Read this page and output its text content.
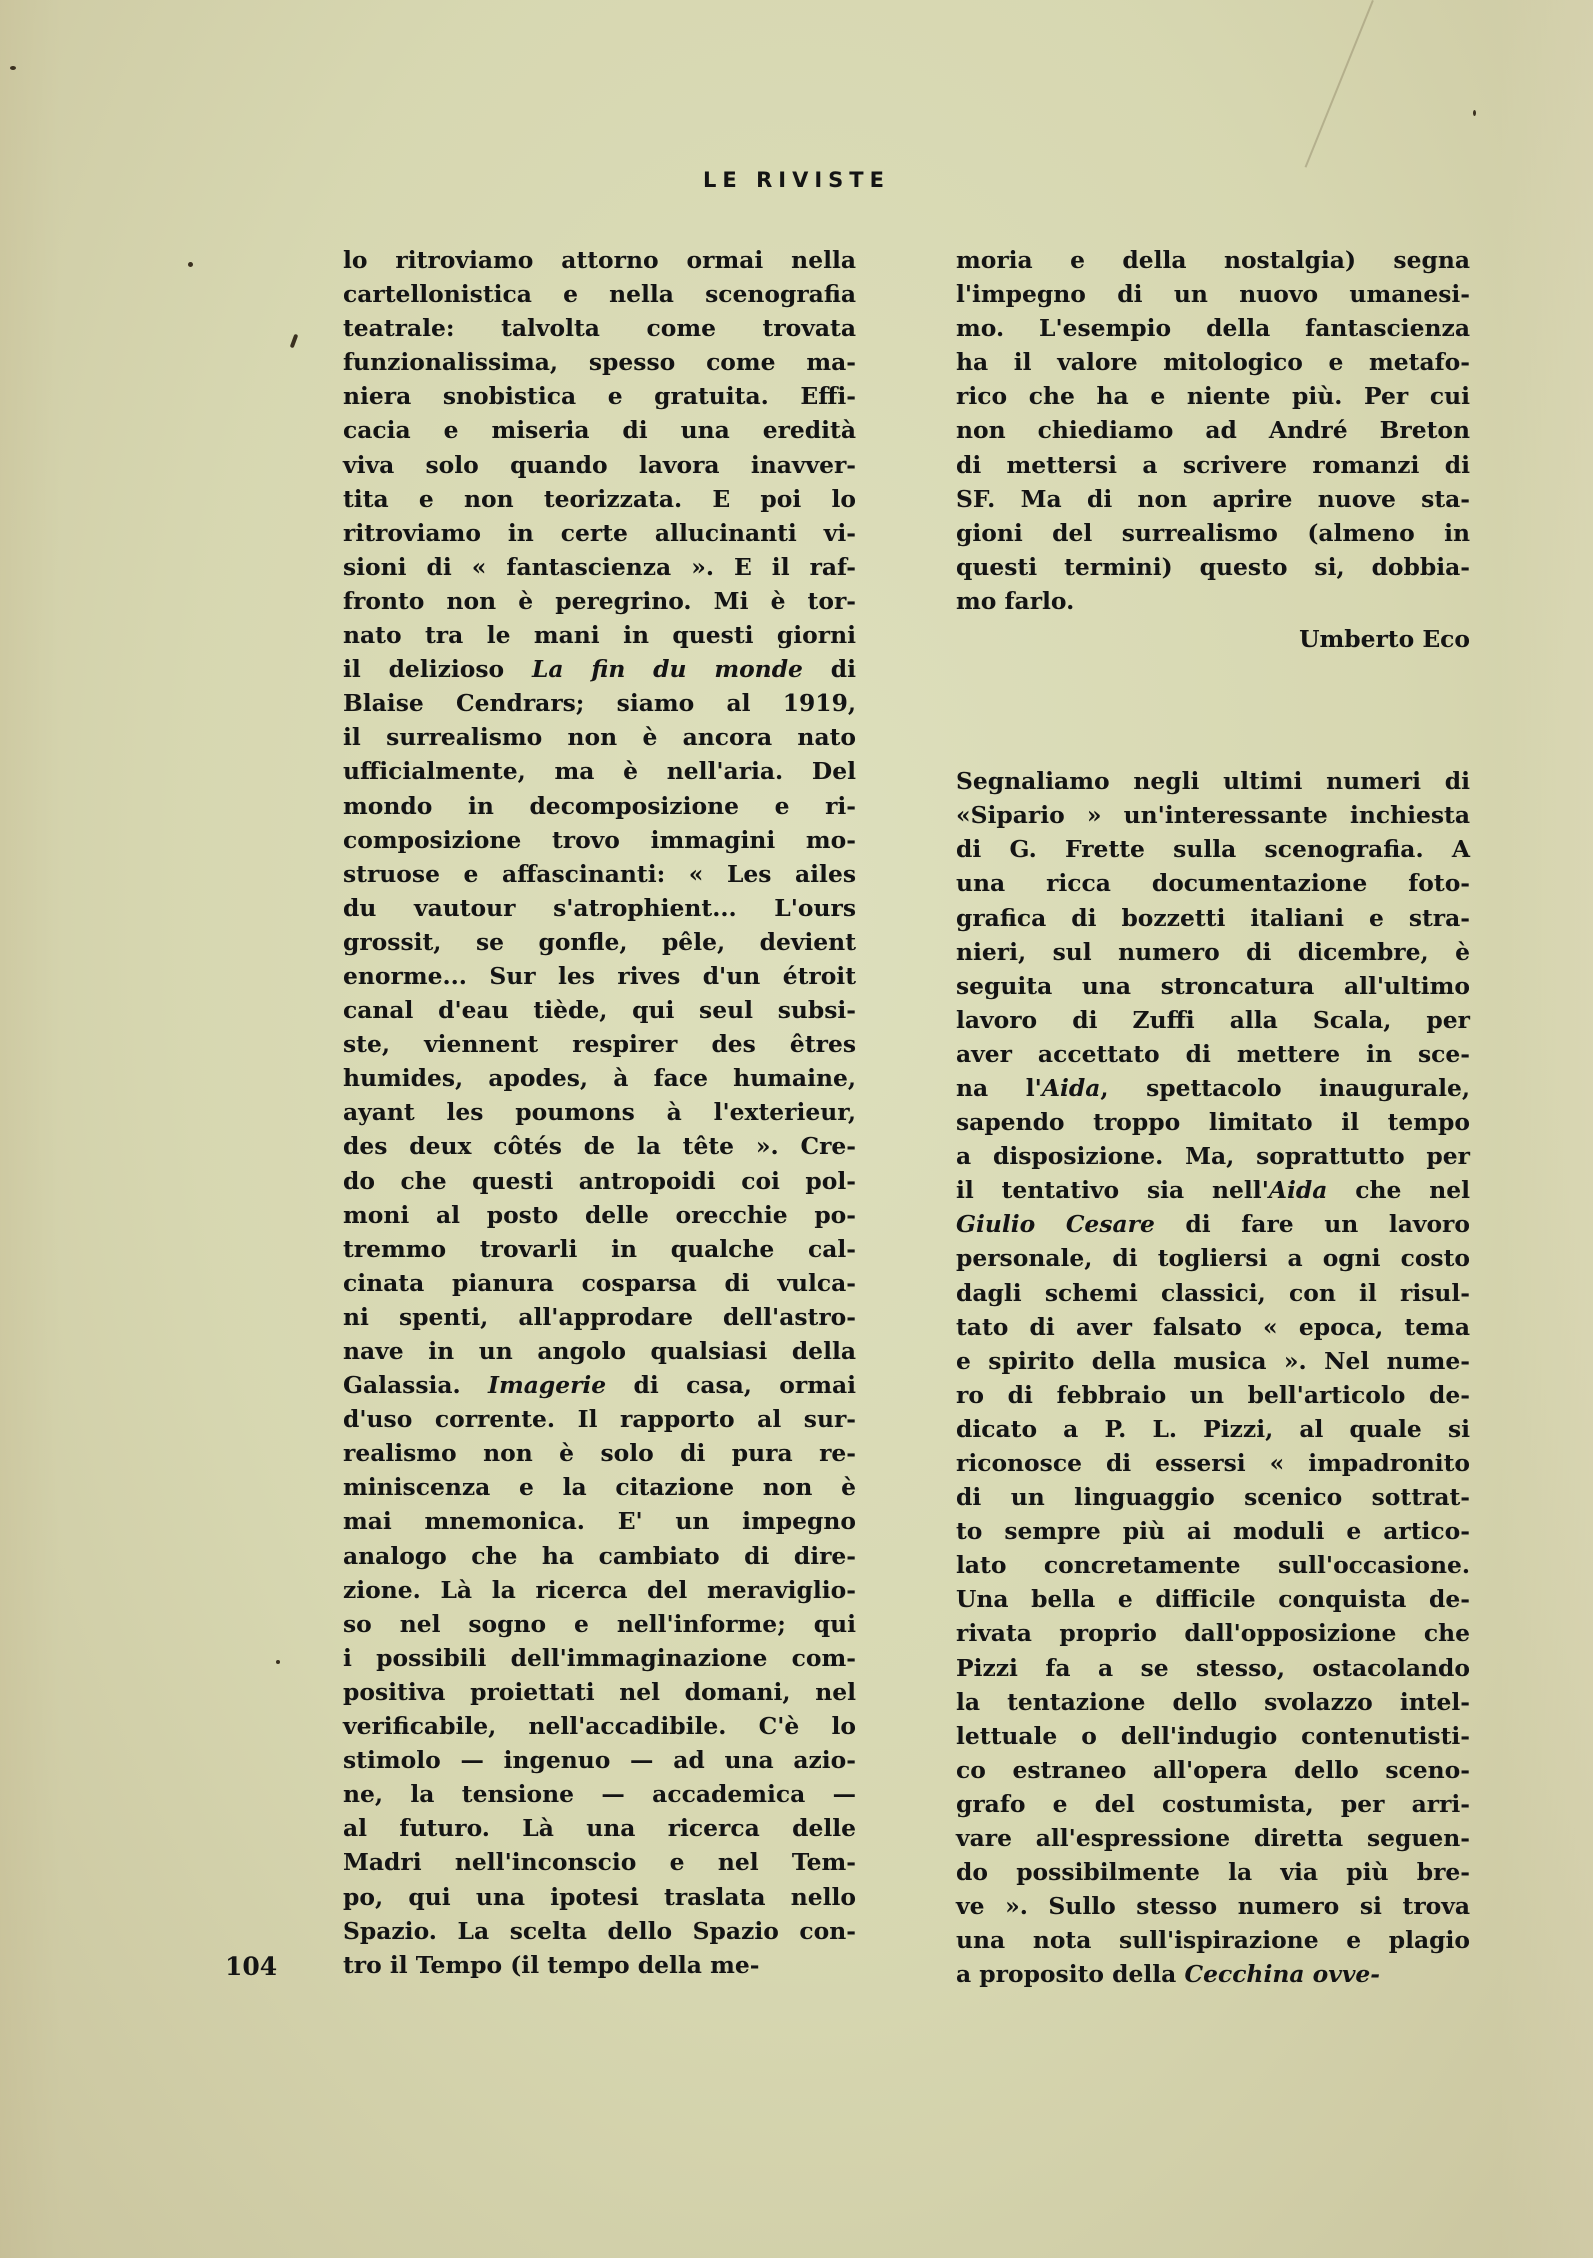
LE RIVISTE
lo ritroviamo attorno ormai nella
cartellonistica e nella scenografia
teatrale: talvolta come trovata
funzionalissima, spesso come ma-
niera snobistica e gratuita. Effi-
cacia e miseria di una eredità
viva solo quando lavora inavver-
tita e non teorizzata. E poi lo
ritroviamo in certe allucinanti vi-
sioni di « fantascienza ». E il raf-
fronto non è peregrino. Mi è tor-
nato tra le mani in questi giorni
il delizioso La fin du monde di
Blaise Cendrars; siamo al 1919,
il surrealismo non è ancora nato
ufficialmente, ma è nell'aria. Del
mondo in decomposizione e ri-
composizione trovo immagini mo-
struose e affascinanti: « Les ailes
du vautour s'atrophient... L'ours
grossit, se gonfle, pêle, devient
enorme... Sur les rives d'un étroit
canal d'eau tiède, qui seul subsi-
ste, viennent respirer des êtres
humides, apodes, à face humaine,
ayant les poumons à l'exterieur,
des deux côtés de la tête ». Cre-
do che questi antropoidi coi pol-
moni al posto delle orecchie po-
tremmo trovarli in qualche cal-
cinata pianura cosparsa di vulca-
ni spenti, all'approdare dell'astro-
nave in un angolo qualsiasi della
Galassia. Imagerie di casa, ormai
d'uso corrente. Il rapporto al sur-
realismo non è solo di pura re-
miniscenza e la citazione non è
mai mnemonica. E' un impegno
analogo che ha cambiato di dire-
zione. Là la ricerca del meraviglio-
so nel sogno e nell'informe; qui
i possibili dell'immaginazione com-
positiva proiettati nel domani, nel
verificabile, nell'accadibile. C'è lo
stimolo — ingenuo — ad una azio-
ne, la tensione — accademica —
al futuro. Là una ricerca delle
Madri nell'inconscio e nel Tem-
po, qui una ipotesi traslata nello
Spazio. La scelta dello Spazio con-
tro il Tempo (il tempo della me-
moria e della nostalgia) segna
l'impegno di un nuovo umanesi-
mo. L'esempio della fantascienza
ha il valore mitologico e metafo-
rico che ha e niente più. Per cui
non chiediamo ad André Breton
di mettersi a scrivere romanzi di
SF. Ma di non aprire nuove sta-
gioni del surrealismo (almeno in
questi termini) questo si, dobbia-
mo farlo.
Umberto Eco
Segnaliamo negli ultimi numeri di
«Sipario » un'interessante inchiesta
di G. Frette sulla scenografia. A
una ricca documentazione foto-
grafica di bozzetti italiani e stra-
nieri, sul numero di dicembre, è
seguita una stroncatura all'ultimo
lavoro di Zuffi alla Scala, per
aver accettato di mettere in sce-
na l'Aida, spettacolo inaugurale,
sapendo troppo limitato il tempo
a disposizione. Ma, soprattutto per
il tentativo sia nell'Aida che nel
Giulio Cesare di fare un lavoro
personale, di togliersi a ogni costo
dagli schemi classici, con il risul-
tato di aver falsato « epoca, tema
e spirito della musica ». Nel nume-
ro di febbraio un bell'articolo de-
dicato a P. L. Pizzi, al quale si
riconosce di essersi « impadronito
di un linguaggio scenico sottrat-
to sempre più ai moduli e artico-
lato concretamente sull'occasione.
Una bella e difficile conquista de-
rivata proprio dall'opposizione che
Pizzi fa a se stesso, ostacolando
la tentazione dello svolazzo intel-
lettuale o dell'indugio contenutisti-
co estraneo all'opera dello sceno-
grafo e del costumista, per arri-
vare all'espressione diretta seguen-
do possibilmente la via più bre-
ve ». Sullo stesso numero si trova
una nota sull'ispirazione e plagio
a proposito della Cecchina ovve-
104
